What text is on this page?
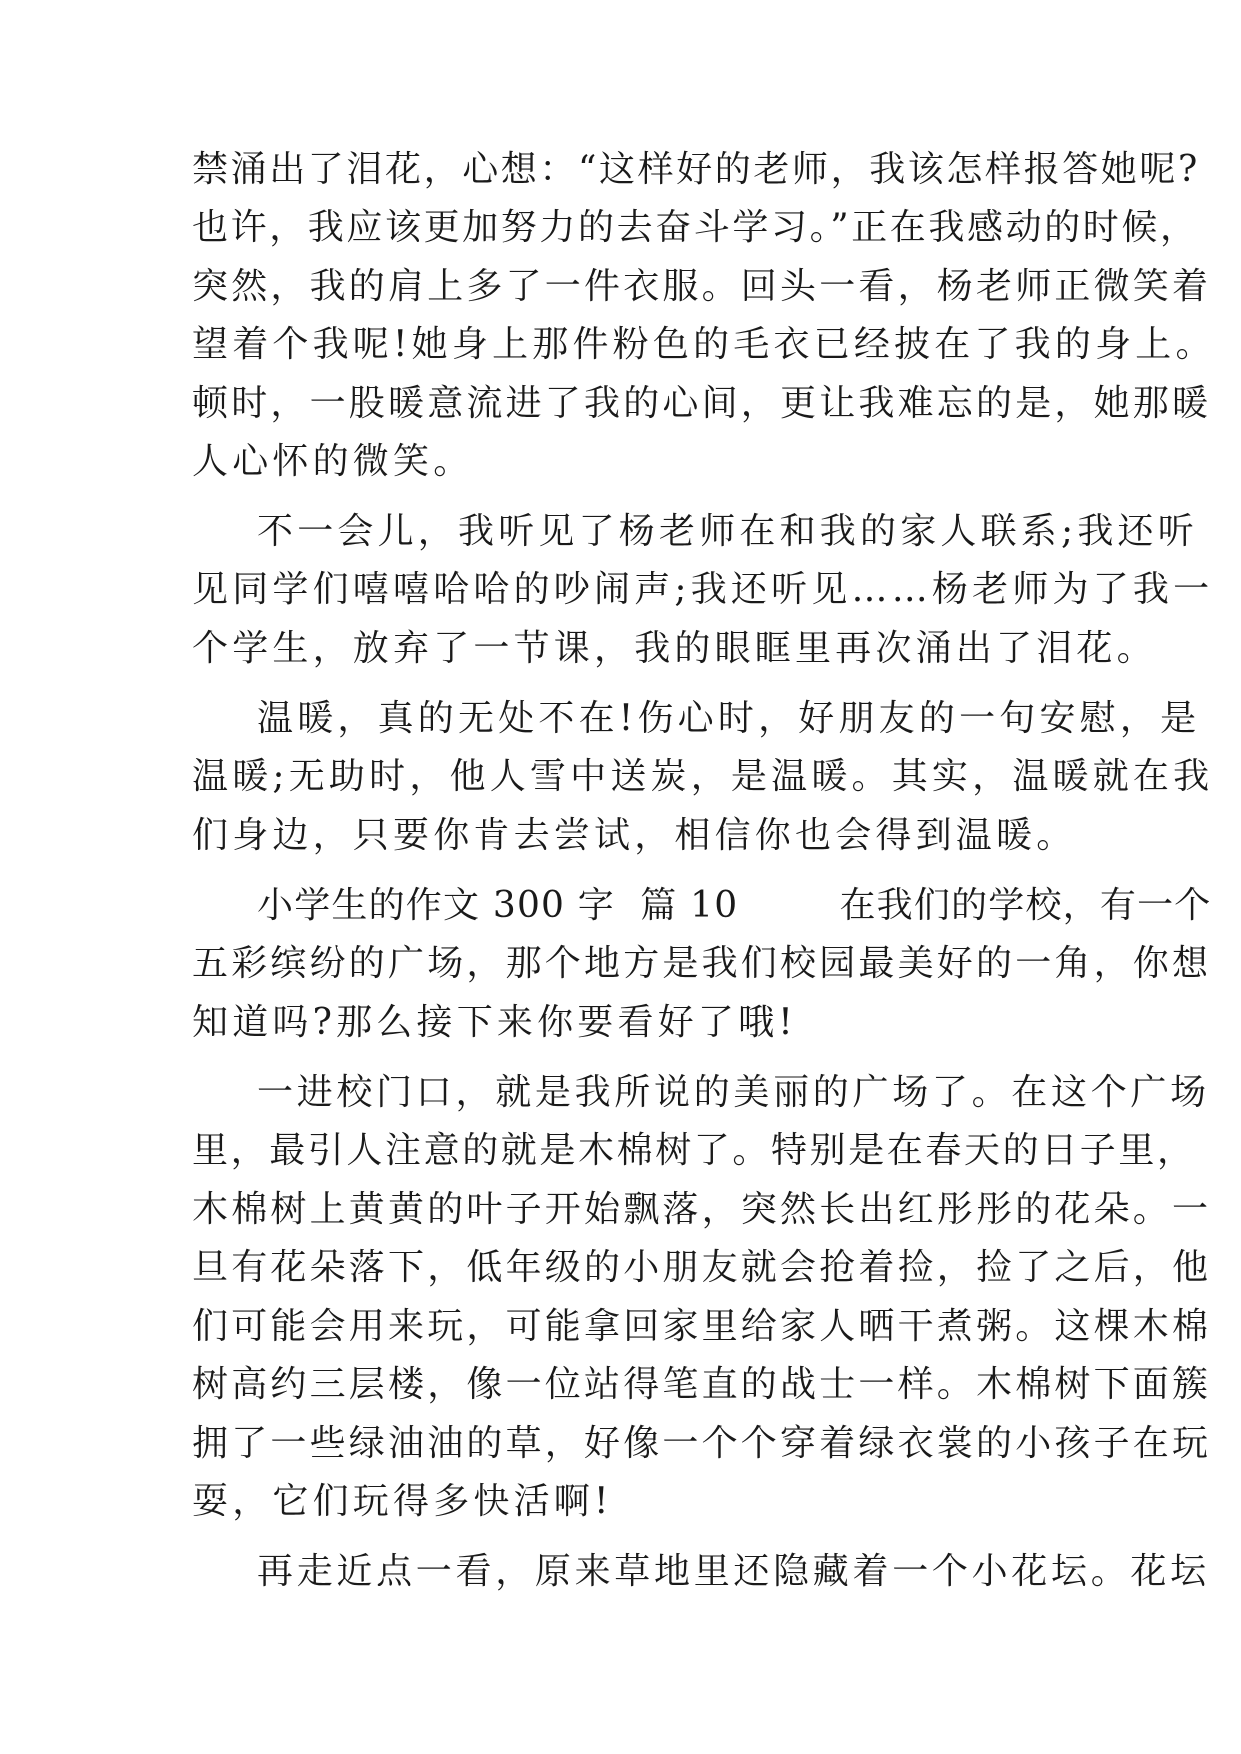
禁涌出了泪花，心想：“这样好的老师，我该怎样报答她呢?
也许，我应该更加努力的去奋斗学习。”正在我感动的时候，
突然，我的肩上多了一件衣服。回头一看，杨老师正微笑着
望着个我呢!她身上那件粉色的毛衣已经披在了我的身上。
顿时，一股暖意流进了我的心间，更让我难忘的是，她那暖
人心怀的微笑。
不一会儿，我听见了杨老师在和我的家人联系;我还听
见同学们嘻嘻哈哈的吵闹声;我还听见……杨老师为了我一
个学生，放弃了一节课，我的眼眶里再次涌出了泪花。
温暖，真的无处不在!伤心时，好朋友的一句安慰，是
温暖;无助时，他人雪中送炭，是温暖。其实，温暖就在我
们身边，只要你肯去尝试，相信你也会得到温暖。
小学生的作文 300 字  篇 10        在我们的学校，有一个
五彩缤纷的广场，那个地方是我们校园最美好的一角，你想
知道吗?那么接下来你要看好了哦!
一进校门口，就是我所说的美丽的广场了。在这个广场
里，最引人注意的就是木棉树了。特别是在春天的日子里，
木棉树上黄黄的叶子开始飘落，突然长出红彤彤的花朵。一
旦有花朵落下，低年级的小朋友就会抢着捡，捡了之后，他
们可能会用来玩，可能拿回家里给家人晒干煮粥。这棵木棉
树高约三层楼，像一位站得笔直的战士一样。木棉树下面簇
拥了一些绿油油的草，好像一个个穿着绿衣裳的小孩子在玩
耍，它们玩得多快活啊!
再走近点一看，原来草地里还隐藏着一个小花坛。花坛
